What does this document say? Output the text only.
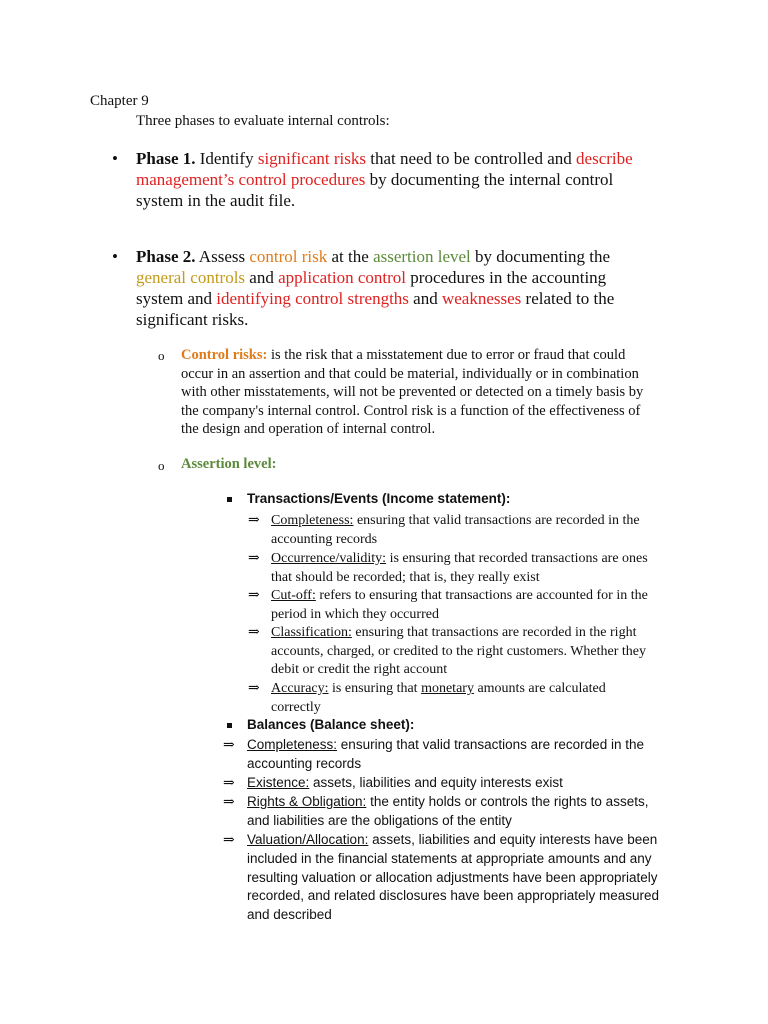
Chapter 9
Three phases to evaluate internal controls:
• Phase 1. Identify significant risks that need to be controlled and describe

management’s control procedures by documenting the internal control

system in the audit file.

• Phase 2. Assess control risk at the assertion level by documenting the

general controls and application control procedures in the accounting

system and identifying control strengths and weaknesses related to the

significant risks.

o Control risks: is the risk that a misstatement due to error or fraud that could

occur in an assertion and that could be material, individually or in combination

with other misstatements, will not be prevented or detected on a timely basis by

the company's internal control. Control risk is a function of the effectiveness of

the design and operation of internal control.

o Assertion level:

Transactions/Events (Income statement):
⇒ Completeness: ensuring that valid transactions are recorded in the

accounting records

⇒ Occurrence/validity: is ensuring that recorded transactions are ones

that should be recorded; that is, they really exist

⇒ Cut-off: refers to ensuring that transactions are accounted for in the

period in which they occurred

⇒ Classification: ensuring that transactions are recorded in the right

accounts, charged, or credited to the right customers. Whether they

debit or credit the right account

⇒ Accuracy: is ensuring that monetary amounts are calculated

correctly

Balances (Balance sheet):
⇒ Completeness: ensuring that valid transactions are recorded in the

accounting records

⇒ Existence: assets, liabilities and equity interests exist

⇒ Rights & Obligation: the entity holds or controls the rights to assets,

and liabilities are the obligations of the entity

⇒ Valuation/Allocation: assets, liabilities and equity interests have been

included in the financial statements at appropriate amounts and any

resulting valuation or allocation adjustments have been appropriately

recorded, and related disclosures have been appropriately measured

and described
